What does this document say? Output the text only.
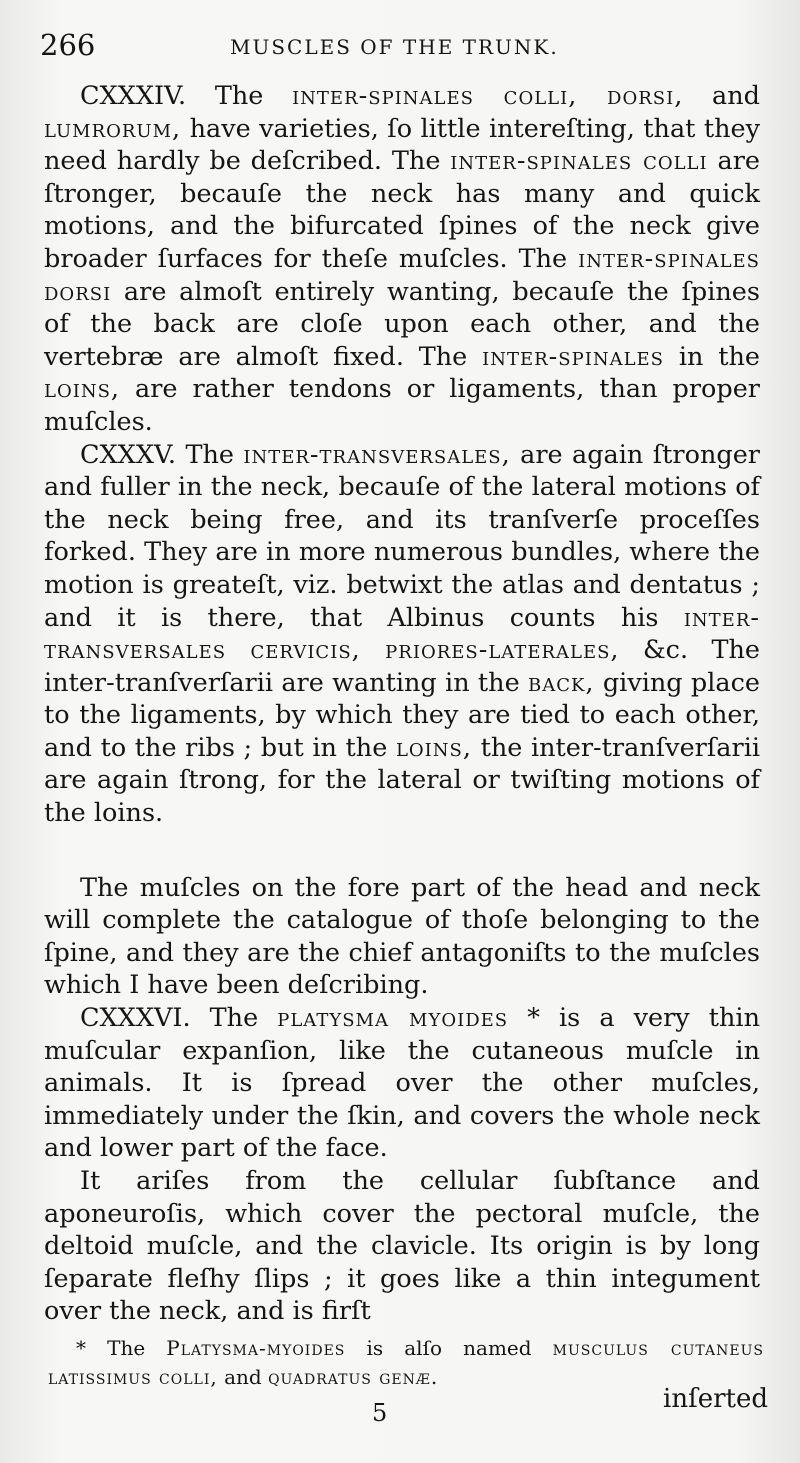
266	MUSCLES OF THE TRUNK.

CXXXIV. The inter-spinales colli, dorsi, and lumrorum, have varieties, ſo little intereſting, that they need hardly be deſcribed. The inter-spinales colli are ſtronger, becauſe the neck has many and quick motions, and the bifurcated ſpines of the neck give broader ſurfaces for theſe muſcles. The inter-spinales dorsi are almoſt entirely wanting, becauſe the ſpines of the back are cloſe upon each other, and the vertebræ are almoſt fixed. The inter-spinales in the loins, are rather tendons or ligaments, than proper muſcles.

CXXXV. The inter-transversales, are again ſtronger and fuller in the neck, becauſe of the lateral motions of the neck being free, and its tranſverſe proceſſes forked. They are in more numerous bundles, where the motion is greateſt, viz. betwixt the atlas and dentatus ; and it is there, that Albinus counts his inter-transversales cervicis, priores-laterales, &c. The inter-tranſverſarii are wanting in the back, giving place to the ligaments, by which they are tied to each other, and to the ribs ; but in the loins, the inter-tranſverſarii are again ſtrong, for the lateral or twiſting motions of the loins.

The muſcles on the fore part of the head and neck will complete the catalogue of thoſe belonging to the ſpine, and they are the chief antagoniſts to the muſcles which I have been deſcribing.

CXXXVI. The platysma myoides * is a very thin muſcular expanſion, like the cutaneous muſcle in animals. It is ſpread over the other muſcles, immediately under the ſkin, and covers the whole neck and lower part of the face.

It ariſes from the cellular ſubſtance and aponeuroſis, which cover the pectoral muſcle, the deltoid muſcle, and the clavicle. Its origin is by long ſeparate fleſhy ſlips ; it goes like a thin integument over the neck, and is firſt

* The Platysma-myoides is alſo named musculus cutaneus latissimus colli, and quadratus genæ.
5	inſerted
